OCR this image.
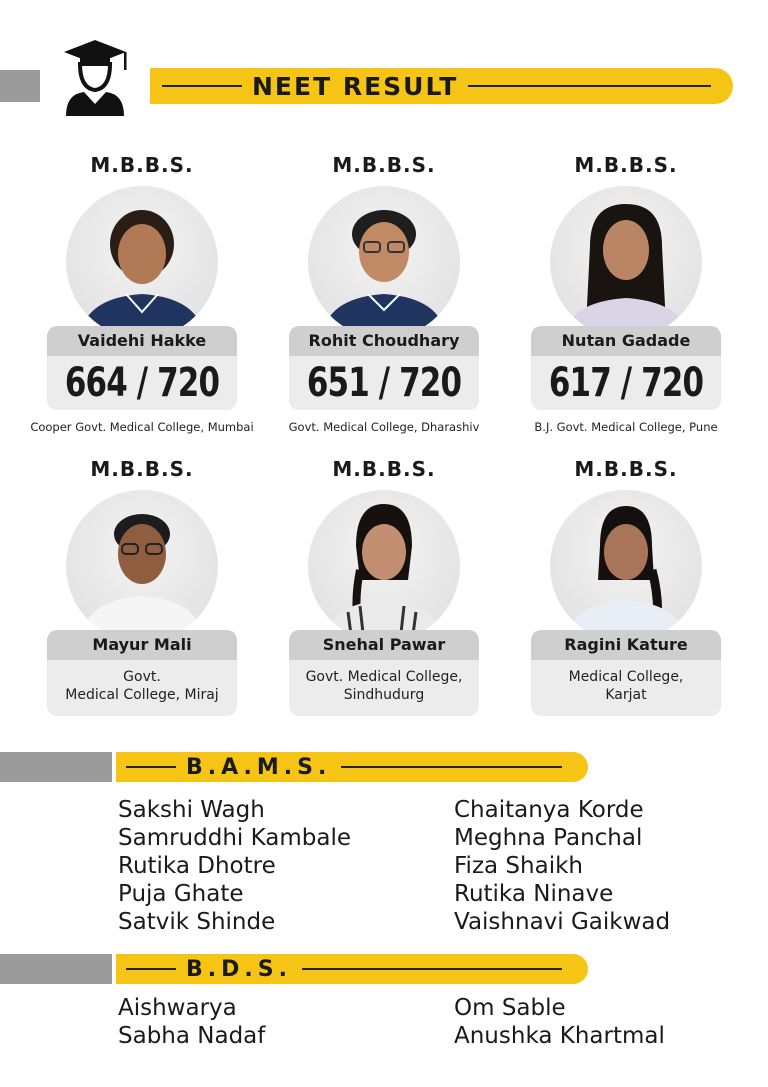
NEET RESULT
M.B.B.S.
Vaidehi Hakke
664 / 720
Cooper Govt. Medical College, Mumbai
M.B.B.S.
Rohit Choudhary
651 / 720
Govt. Medical College, Dharashiv
M.B.B.S.
Nutan Gadade
617 / 720
B.J. Govt. Medical College, Pune
M.B.B.S.
Mayur Mali
Govt.
Medical College, Miraj
M.B.B.S.
Snehal Pawar
Govt. Medical College,
Sindhudurg
M.B.B.S.
Ragini Kature
Medical College,
Karjat
B.A.M.S.
Sakshi Wagh
Samruddhi Kambale
Rutika Dhotre
Puja Ghate
Satvik Shinde
Chaitanya Korde
Meghna Panchal
Fiza Shaikh
Rutika Ninave
Vaishnavi Gaikwad
B.D.S.
Aishwarya
Sabha Nadaf
Om Sable
Anushka Khartmal
